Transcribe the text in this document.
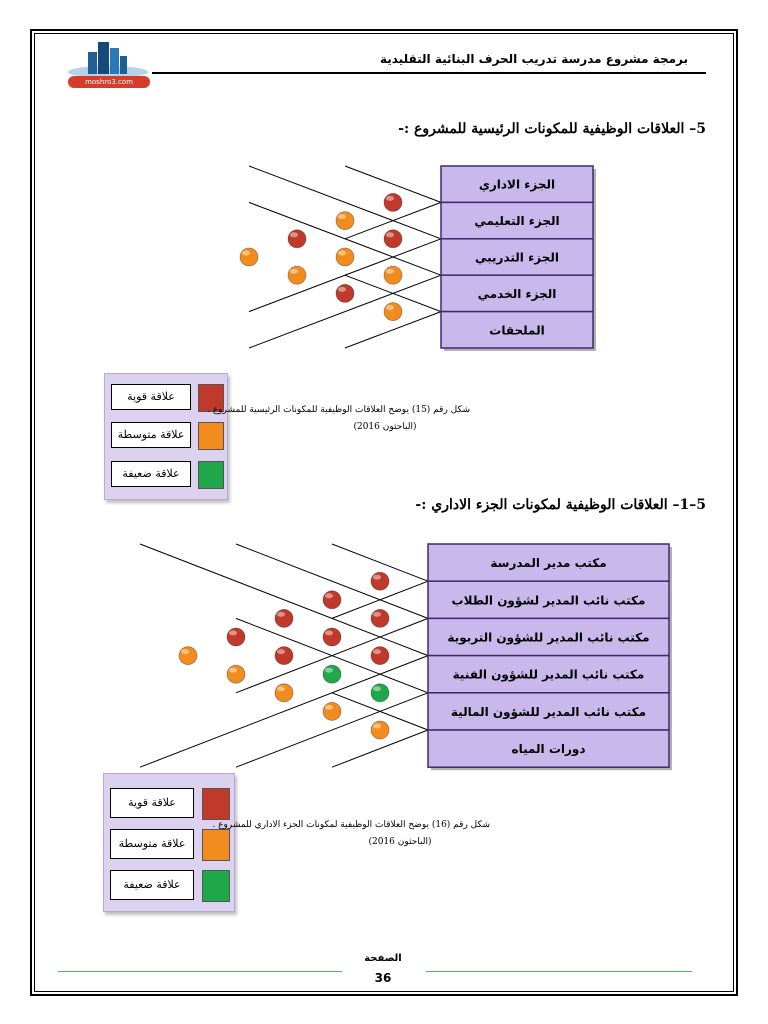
moshro3.com
برمجة مشروع مدرسة تدريب الحرف البنائية التقليدية
5– العلاقات الوظيفية للمكونات الرئيسية للمشروع :-
الجزء الاداري
الجزء التعليمي
الجزء التدريبي
الجزء الخدمي
الملحقات
علاقة قوية
علاقة متوسطة
علاقة ضعيفة
شكل رقم (15) يوضح العلاقات الوظيفية للمكونات الرئيسية للمشروع .
(الباحثون 2016)
5–1– العلاقات الوظيفية لمكونات الجزء الاداري :-
مكتب مدير المدرسة
مكتب نائب المدير لشؤون الطلاب
مكتب نائب المدير للشؤون التربوية
مكتب نائب المدير للشؤون الفنية
مكتب نائب المدير للشؤون المالية
دورات المياه
علاقة قوية
علاقة متوسطة
علاقة ضعيفة
شكل رقم (16) يوضح العلاقات الوظيفية لمكونات الجزء الاداري للمشروع .
(الباحثون 2016)
الصفحة
36
